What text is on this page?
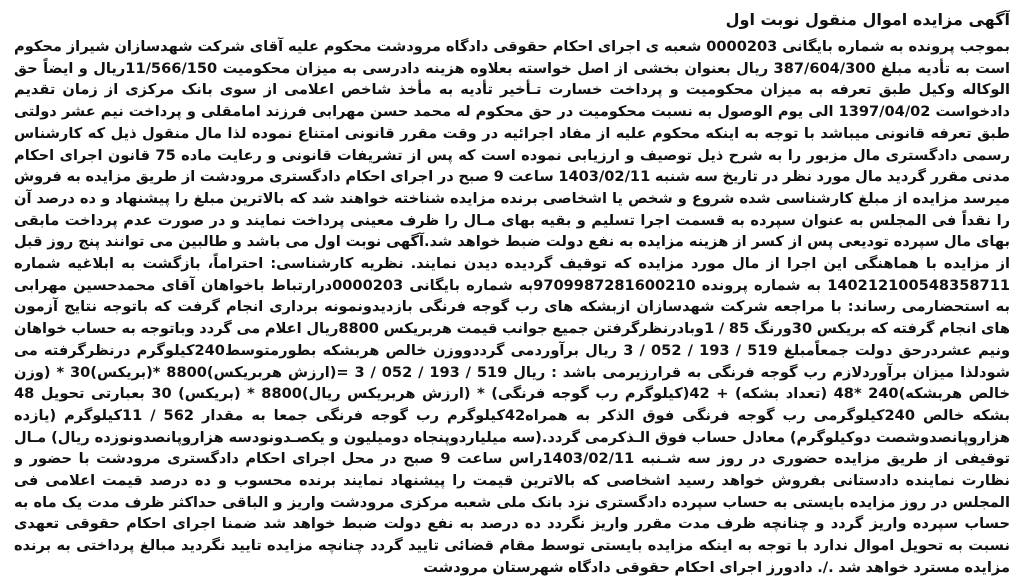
آگهی مزایده اموال منقول نوبت اول

بموجب پرونده به شماره بایگانی 0000203 شعبه ی اجرای احکام حقوقی دادگاه مرودشت محکوم علیه آقای شرکت شهدسازان شیراز محکوم است به تأدیه مبلغ 387/604/300 ریال بعنوان بخشی از اصل خواسته بعلاوه هزینه دادرسی به میزان محکومیت 11/566/150ریال و ایضاً حق الوکاله وکیل طبق تعرفه به میزان محکومیت و پرداخت خسارت تـأخیر تأدیه به مأخذ شاخص اعلامی از سوی بانک مرکزی از زمان تقدیم دادخواست 1397/04/02 الی یوم الوصول به نسبت محکومیت در حق محکوم له محمد حسن مهرابی فرزند امامقلی و پرداخت نیم عشر دولتی طبق تعرفه قانونی میباشد با توجه به اینکه محکوم علیه از مفاد اجرائیه در وقت مقرر قانونی امتناع نموده لذا مال منقول ذیل که کارشناس رسمی دادگستری مال مزبور را به شرح ذیل توصیف و ارزیابی نموده است که پس از تشریفات قانونی و رعایت ماده 75 قانون اجرای احکام مدنی مقرر گردید مال مورد نظر در تاریخ سه شنبه 1403/02/11 ساعت 9 صبح در اجرای احکام دادگستری مرودشت از طریق مزایده به فروش میرسد مزایده از مبلغ کارشناسی شده شروع و شخص یا اشخاصی برنده مزایده شناخته خواهند شد که بالاترین مبلغ را پیشنهاد و ده درصد آن را نقداً فی المجلس به عنوان سپرده به قسمت اجرا تسلیم و بقیه بهای مـال را ظرف معینی پرداخت نمایند و در صورت عدم پرداخت مابقی بهای مال سپرده تودیعی پس از کسر از هزینه مزایده به نفع دولت ضبط خواهد شد.آگهی نوبت اول می باشد و طالبین می توانند پنج روز قبل از مزایده با هماهنگی این اجرا از مال مورد مزایده که توقیف گردیده دیدن نمایند. نظریه کارشناسی: احتراماً، بازگشت به ابلاغیه شماره 140212100548358711 به شماره پرونده 9709987281600210به شماره بایگانی 0000203درارتباط باخواهان آقای محمدحسین مهرابی به استحضارمی رساند: با مراجعه شرکت شهدسازان ازبشکه های رب گوجه فرنگی بازدیدونمونه برداری انجام گرفت که باتوجه نتایج آزمون های انجام گرفته که بریکس 30ورنگ 85 / 1وبادرنظرگرفتن جمیع جوانب قیمت هربریکس 8800ریال اعلام می گردد وباتوجه به حساب خواهان ونیم عشردرحق دولت جمعاًمبلغ 519 / 193 / 052 / 3 ریال برآوردمی گرددووزن خالص هربشکه بطورمتوسط240کیلوگرم درنظرگرفته می شودلذا میزان برآوردلازم رب گوجه فرنگی به قرارزیرمی باشد : ریال 519 / 193 / 052 / 3 =(ارزش هربریکس)8800 *(بریکس)30 * (وزن خالص هربشکه)240 *48 (تعداد بشکه) + 42(کیلوگرم رب گوجه فرنگی) * (ارزش هربریکس ریال)8800 * (بریکس) 30 بعبارتی تحویل 48 بشکه خالص 240کیلوگرمی رب گوجه فرنگی فوق الذکر به همراه42کیلوگرم رب گوجه فرنگی جمعا به مقدار 562 / 11کیلوگرم (یازده هزاروپانصدوشصت دوکیلوگرم) معادل حساب فوق الـذکرمی گردد.(سه میلیاردوپنجاه دومیلیون و یکصـدونودسه هزاروپانصدونوزده ریال) مـال توقیفی از طریق مزایده حضوری در روز سه شـنبه 1403/02/11راس ساعت 9 صبح در محل اجرای احکام دادگستری مرودشت با حضور و نظارت نماینده دادستانی بفروش خواهد رسید اشخاصی که بالاترین قیمت را پیشنهاد نمایند برنده محسوب و ده درصد قیمت اعلامی فی المجلس در روز مزایده بایستی به حساب سپرده دادگستری نزد بانک ملی شعبه مرکزی مرودشت واریز و الباقی حداکثر ظرف مدت یک ماه به حساب سپرده واریز گردد و چنانچه ظرف مدت مقرر واریز نگردد ده درصد به نفع دولت ضبط خواهد شد ضمنا اجرای احکام حقوقی تعهدی نسبت به تحویل اموال ندارد با توجه به اینکه مزایده بایستی توسط مقام قضائی تایید گردد چنانچه مزایده تایید نگردید مبالغ پرداختی به برنده مزایده مسترد خواهد شد ./. دادورز اجرای احکام حقوقی دادگاه شهرستان مرودشت
